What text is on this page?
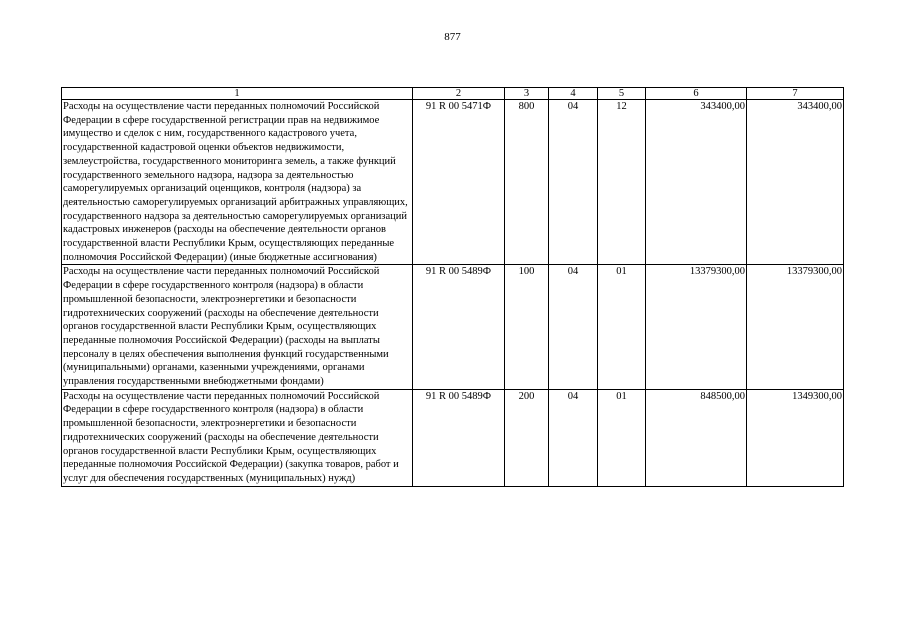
877
1	2	3	4	5	6	7
Расходы на осуществление части переданных полномочий Российской Федерации в сфере государственной регистрации прав на недвижимое имущество и сделок с ним, государственного кадастрового учета, государственной кадастровой оценки объектов недвижимости, землеустройства, государственного мониторинга земель, а также функций государственного земельного надзора, надзора за деятельностью саморегулируемых организаций оценщиков, контроля (надзора) за деятельностью саморегулируемых организаций арбитражных управляющих, государственного надзора за деятельностью саморегулируемых организаций кадастровых инженеров (расходы на обеспечение деятельности органов государственной власти Республики Крым, осуществляющих переданные полномочия Российской Федерации) (иные бюджетные ассигнования)	91 R 00 5471Ф	800	04	12	343400,00	343400,00
Расходы на осуществление части переданных полномочий Российской Федерации в сфере государственного контроля (надзора) в области промышленной безопасности, электроэнергетики и безопасности гидротехнических сооружений (расходы на обеспечение деятельности органов государственной власти Республики Крым, осуществляющих переданные полномочия Российской Федерации) (расходы на выплаты персоналу в целях обеспечения выполнения функций государственными (муниципальными) органами, казенными учреждениями, органами управления государственными внебюджетными фондами)	91 R 00 5489Ф	100	04	01	13379300,00	13379300,00
Расходы на осуществление части переданных полномочий Российской Федерации в сфере государственного контроля (надзора) в области промышленной безопасности, электроэнергетики и безопасности гидротехнических сооружений (расходы на обеспечение деятельности органов государственной власти Республики Крым, осуществляющих переданные полномочия Российской Федерации) (закупка товаров, работ и услуг для обеспечения государственных (муниципальных) нужд)	91 R 00 5489Ф	200	04	01	848500,00	1349300,00
